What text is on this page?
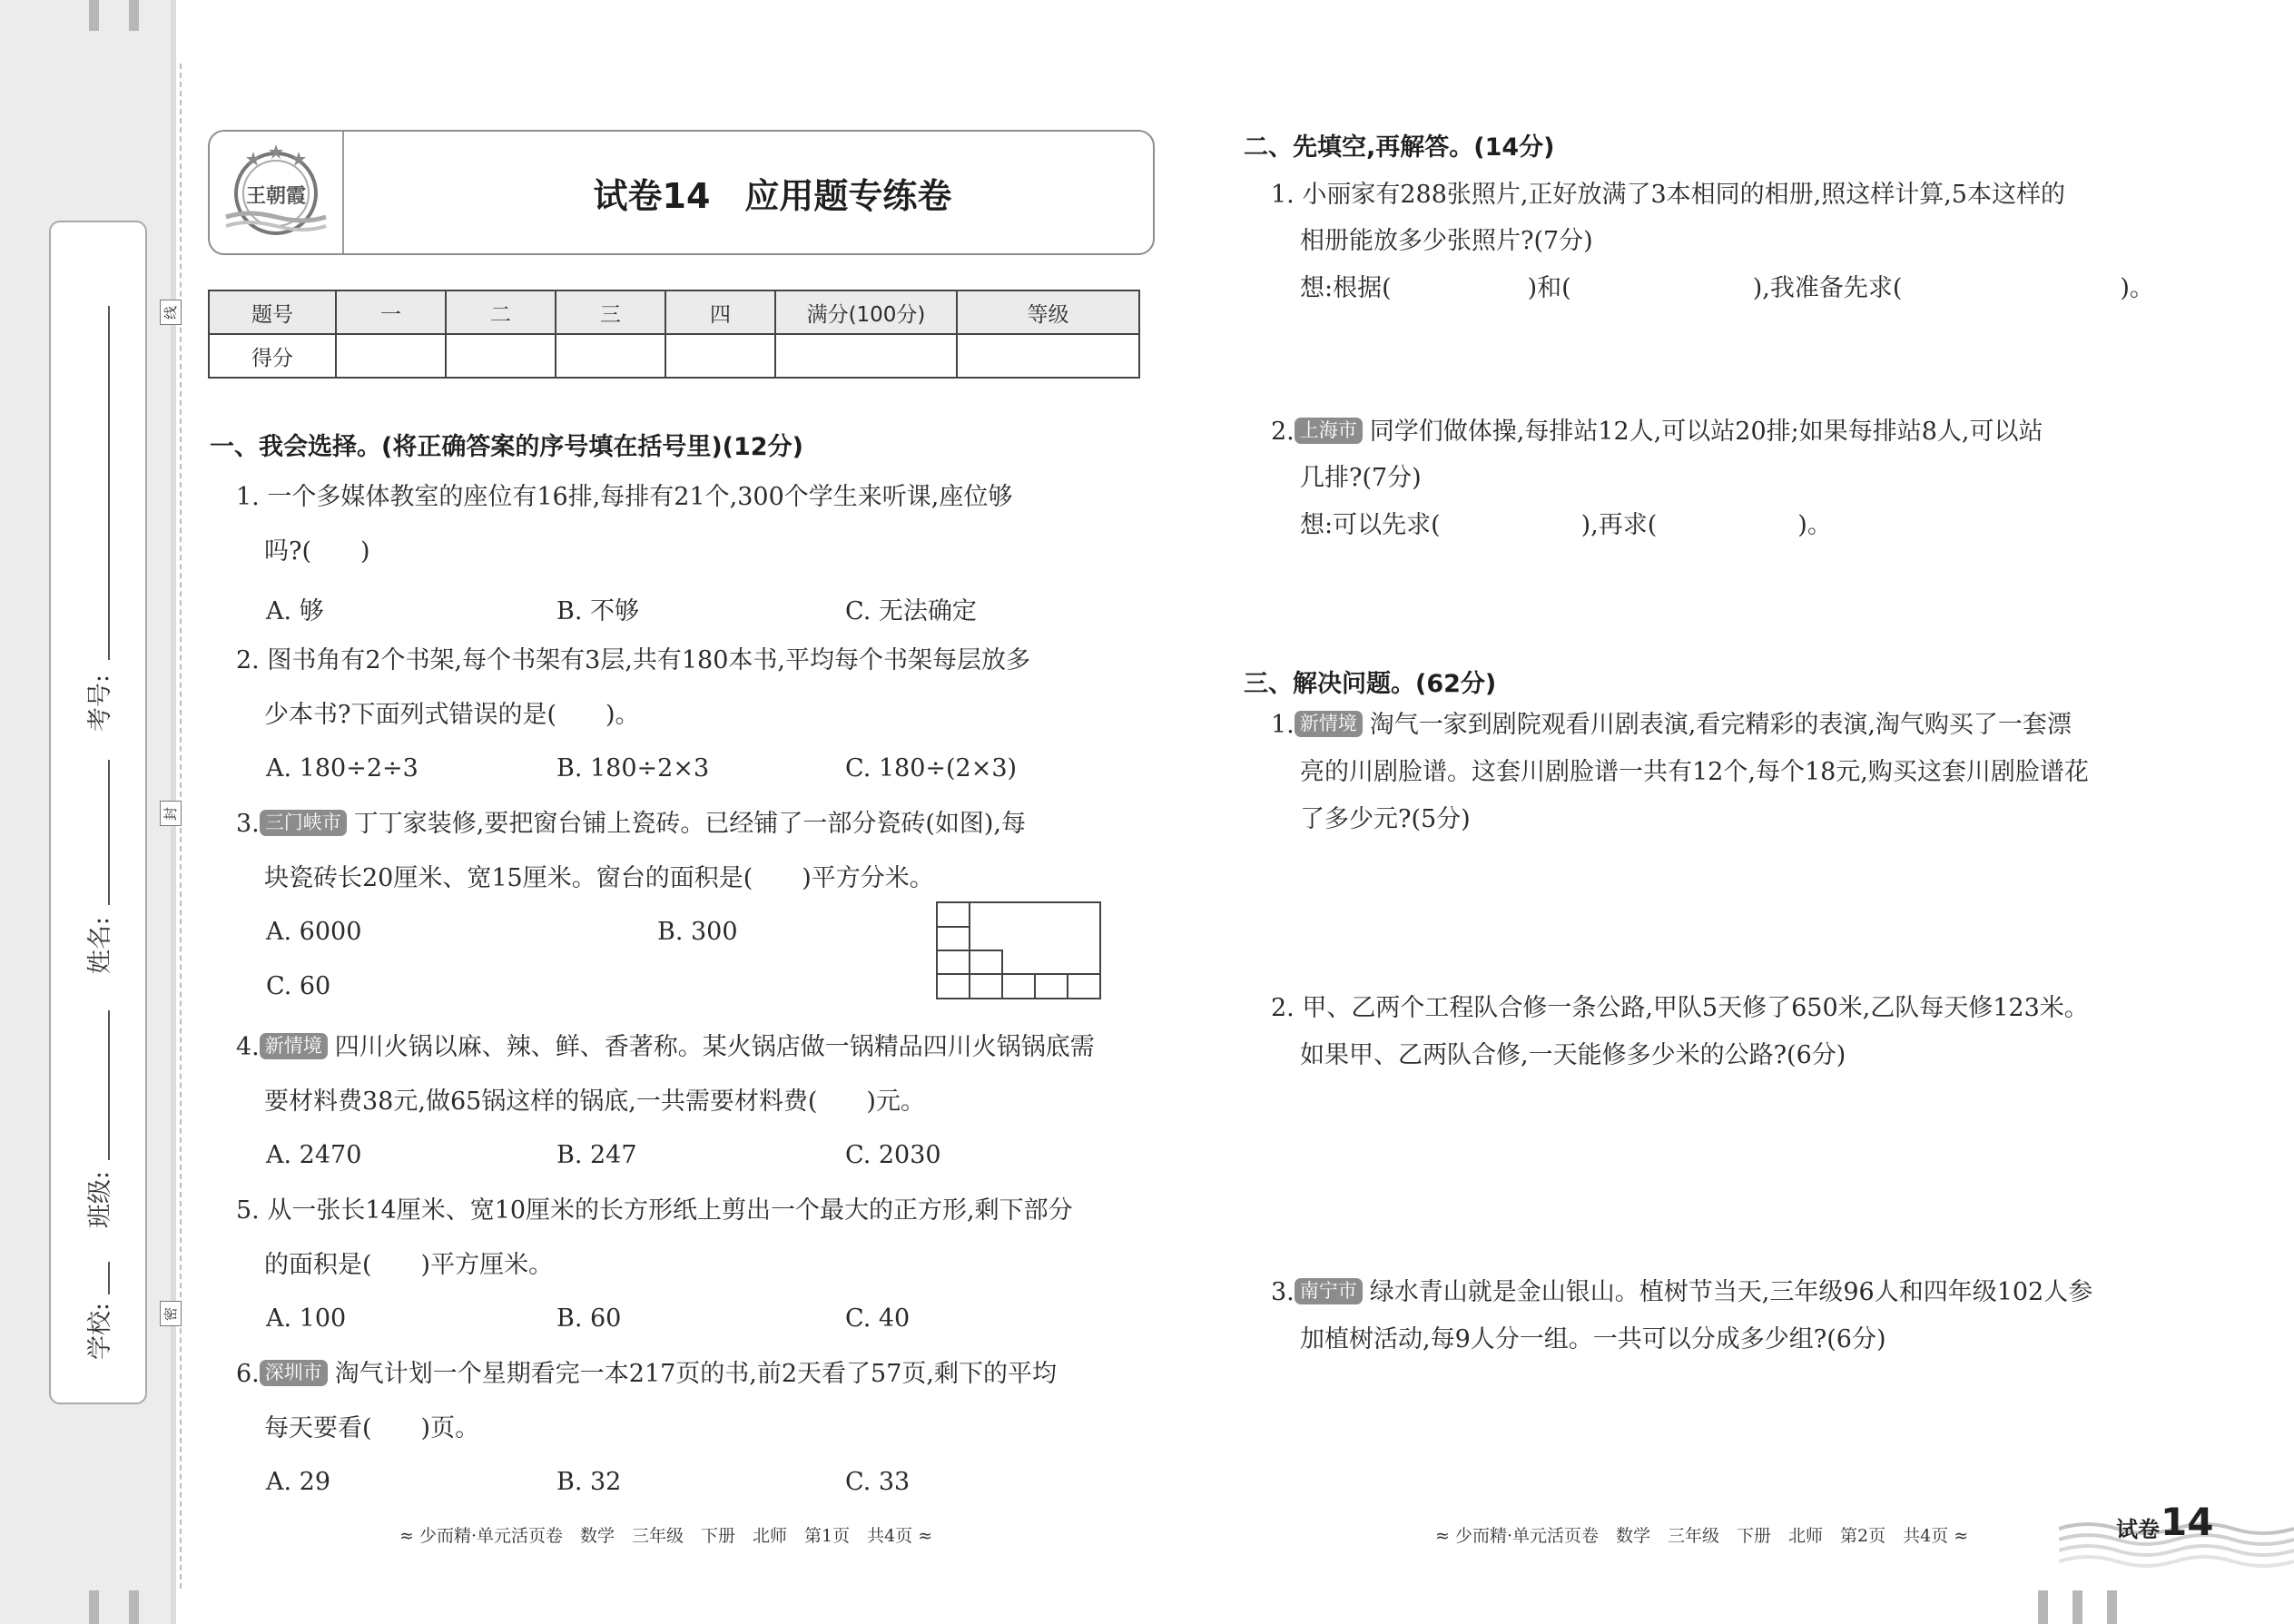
考号:
姓名:
班级:
学校:
线
封
密
王朝霞	试卷14　应用题专练卷
题号	一	二	三	四	满分(100分)	等级
得分						
一、我会选择。(将正确答案的序号填在括号里)(12分)
1. 一个多媒体教室的座位有16排,每排有21个,300个学生来听课,座位够
吗?(　　)
A. 够	B. 不够	C. 无法确定
2. 图书角有2个书架,每个书架有3层,共有180本书,平均每个书架每层放多
少本书?下面列式错误的是(　　)。
A. 180÷2÷3	B. 180÷2×3	C. 180÷(2×3)
3. 三门峡市 丁丁家装修,要把窗台铺上瓷砖。已经铺了一部分瓷砖(如图),每
块瓷砖长20厘米、宽15厘米。窗台的面积是(　　)平方分米。
A. 6000	B. 300
C. 60
4. 新情境 四川火锅以麻、辣、鲜、香著称。某火锅店做一锅精品四川火锅锅底需
要材料费38元,做65锅这样的锅底,一共需要材料费(　　)元。
A. 2470	B. 247	C. 2030
5. 从一张长14厘米、宽10厘米的长方形纸上剪出一个最大的正方形,剩下部分
的面积是(　　)平方厘米。
A. 100	B. 60	C. 40
6. 深圳市 淘气计划一个星期看完一本217页的书,前2天看了57页,剩下的平均
每天要看(　　)页。
A. 29	B. 32	C. 33
≈ 少而精·单元活页卷　数学　三年级　下册　北师　第1页　共4页 ≈
二、先填空,再解答。(14分)
1. 小丽家有288张照片,正好放满了3本相同的相册,照这样计算,5本这样的
相册能放多少张照片?(7分)
想:根据(	)和(	),我准备先求(	)。
2. 上海市 同学们做体操,每排站12人,可以站20排;如果每排站8人,可以站
几排?(7分)
想:可以先求(	),再求(	)。
三、解决问题。(62分)
1. 新情境 淘气一家到剧院观看川剧表演,看完精彩的表演,淘气购买了一套漂
亮的川剧脸谱。这套川剧脸谱一共有12个,每个18元,购买这套川剧脸谱花
了多少元?(5分)
2. 甲、乙两个工程队合修一条公路,甲队5天修了650米,乙队每天修123米。
如果甲、乙两队合修,一天能修多少米的公路?(6分)
3. 南宁市 绿水青山就是金山银山。植树节当天,三年级96人和四年级102人参
加植树活动,每9人分一组。一共可以分成多少组?(6分)
≈ 少而精·单元活页卷　数学　三年级　下册　北师　第2页　共4页 ≈	试卷 14
